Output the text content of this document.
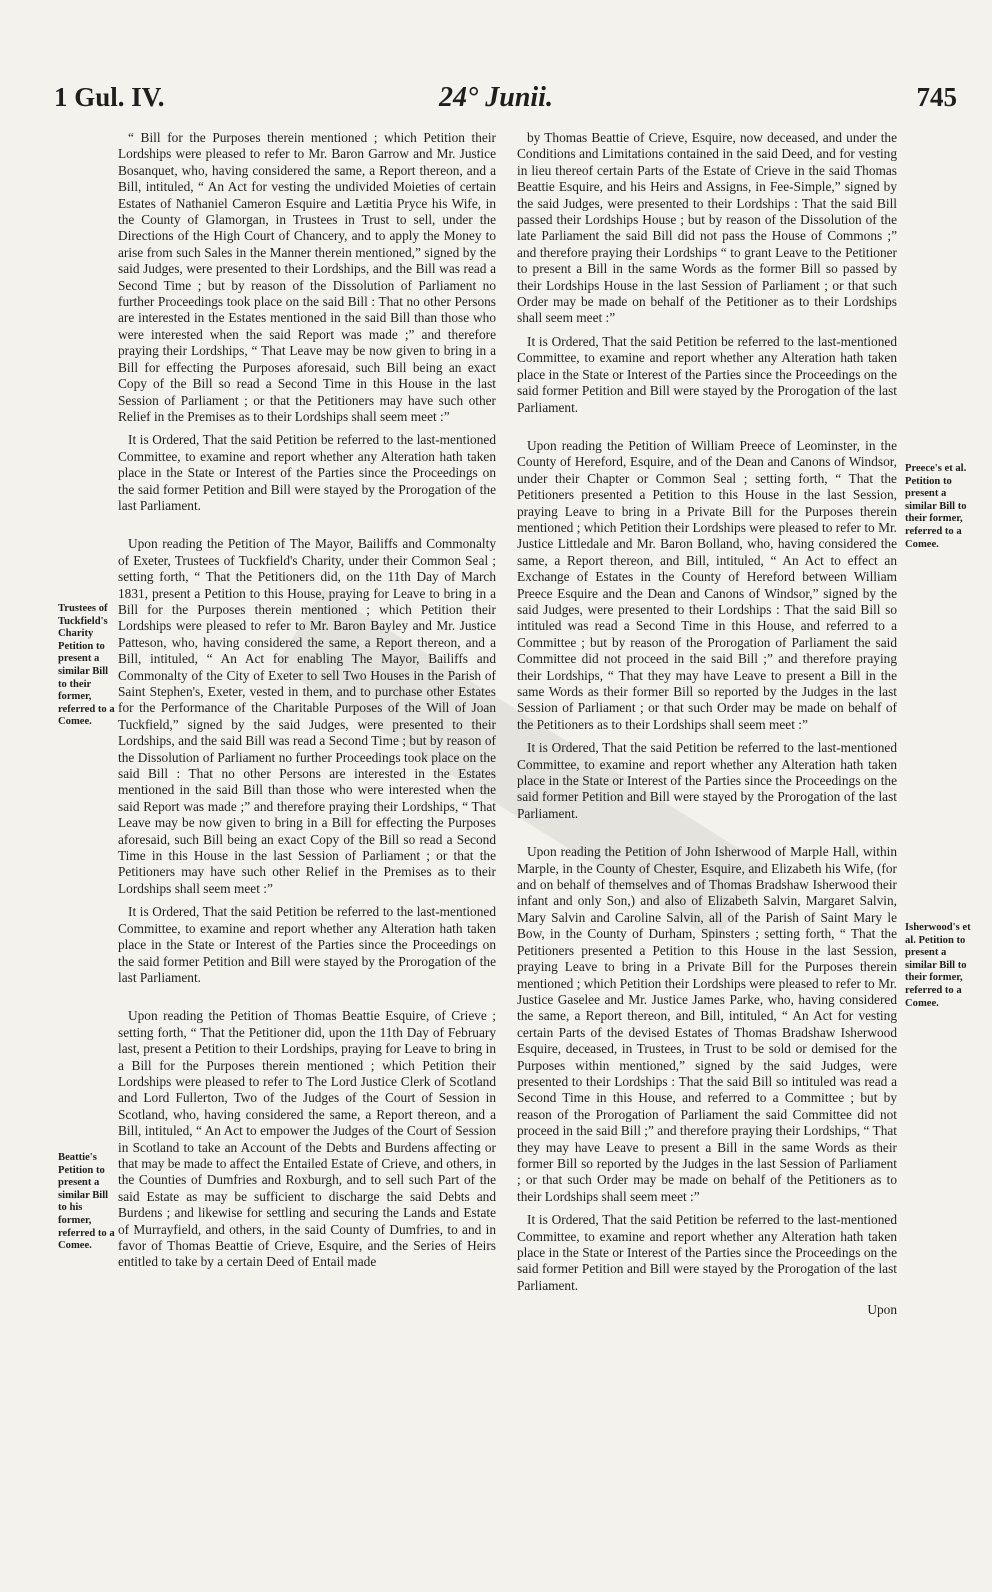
1 Gul. IV.	24° Junii.	745
Trustees of Tuckfield's Charity Petition to present a similar Bill to their former, referred to a Comee.
Beattie's Petition to present a similar Bill to his former, referred to a Comee.
Preece's et al. Petition to present a similar Bill to their former, referred to a Comee.
Isherwood's et al. Petition to present a similar Bill to their former, referred to a Comee.

“ Bill for the Purposes therein mentioned ; which Petition their Lordships were pleased to refer to Mr. Baron Garrow and Mr. Justice Bosanquet, who, having considered the same, a Report thereon, and a Bill, intituled, “ An Act for vesting the undivided Moieties of certain Estates of Nathaniel Cameron Esquire and Lætitia Pryce his Wife, in the County of Glamorgan, in Trustees in Trust to sell, under the Directions of the High Court of Chancery, and to apply the Money to arise from such Sales in the Manner therein mentioned,” signed by the said Judges, were presented to their Lordships, and the Bill was read a Second Time ; but by reason of the Dissolution of Parliament no further Proceedings took place on the said Bill : That no other Persons are interested in the Estates mentioned in the said Bill than those who were interested when the said Report was made ;” and therefore praying their Lordships, “ That Leave may be now given to bring in a Bill for effecting the Purposes aforesaid, such Bill being an exact Copy of the Bill so read a Second Time in this House in the last Session of Parliament ; or that the Petitioners may have such other Relief in the Premises as to their Lordships shall seem meet :”

It is Ordered, That the said Petition be referred to the last-mentioned Committee, to examine and report whether any Alteration hath taken place in the State or Interest of the Parties since the Proceedings on the said former Petition and Bill were stayed by the Prorogation of the last Parliament.

Upon reading the Petition of The Mayor, Bailiffs and Commonalty of Exeter, Trustees of Tuckfield's Charity, under their Common Seal ; setting forth, “ That the Petitioners did, on the 11th Day of March 1831, present a Petition to this House, praying for Leave to bring in a Bill for the Purposes therein mentioned ; which Petition their Lordships were pleased to refer to Mr. Baron Bayley and Mr. Justice Patteson, who, having considered the same, a Report thereon, and a Bill, intituled, “ An Act for enabling The Mayor, Bailiffs and Commonalty of the City of Exeter to sell Two Houses in the Parish of Saint Stephen's, Exeter, vested in them, and to purchase other Estates for the Performance of the Charitable Purposes of the Will of Joan Tuckfield,” signed by the said Judges, were presented to their Lordships, and the said Bill was read a Second Time ; but by reason of the Dissolution of Parliament no further Proceedings took place on the said Bill : That no other Persons are interested in the Estates mentioned in the said Bill than those who were interested when the said Report was made ;” and therefore praying their Lordships, “ That Leave may be now given to bring in a Bill for effecting the Purposes aforesaid, such Bill being an exact Copy of the Bill so read a Second Time in this House in the last Session of Parliament ; or that the Petitioners may have such other Relief in the Premises as to their Lordships shall seem meet :”

It is Ordered, That the said Petition be referred to the last-mentioned Committee, to examine and report whether any Alteration hath taken place in the State or Interest of the Parties since the Proceedings on the said former Petition and Bill were stayed by the Prorogation of the last Parliament.

Upon reading the Petition of Thomas Beattie Esquire, of Crieve ; setting forth, “ That the Petitioner did, upon the 11th Day of February last, present a Petition to their Lordships, praying for Leave to bring in a Bill for the Purposes therein mentioned ; which Petition their Lordships were pleased to refer to The Lord Justice Clerk of Scotland and Lord Fullerton, Two of the Judges of the Court of Session in Scotland, who, having considered the same, a Report thereon, and a Bill, intituled, “ An Act to empower the Judges of the Court of Session in Scotland to take an Account of the Debts and Burdens affecting or that may be made to affect the Entailed Estate of Crieve, and others, in the Counties of Dumfries and Roxburgh, and to sell such Part of the said Estate as may be sufficient to discharge the said Debts and Burdens ; and likewise for settling and securing the Lands and Estate of Murrayfield, and others, in the said County of Dumfries, to and in favor of Thomas Beattie of Crieve, Esquire, and the Series of Heirs entitled to take by a certain Deed of Entail made

by Thomas Beattie of Crieve, Esquire, now deceased, and under the Conditions and Limitations contained in the said Deed, and for vesting in lieu thereof certain Parts of the Estate of Crieve in the said Thomas Beattie Esquire, and his Heirs and Assigns, in Fee-Simple,” signed by the said Judges, were presented to their Lordships : That the said Bill passed their Lordships House ; but by reason of the Dissolution of the late Parliament the said Bill did not pass the House of Commons ;” and therefore praying their Lordships “ to grant Leave to the Petitioner to present a Bill in the same Words as the former Bill so passed by their Lordships House in the last Session of Parliament ; or that such Order may be made on behalf of the Petitioner as to their Lordships shall seem meet :”

It is Ordered, That the said Petition be referred to the last-mentioned Committee, to examine and report whether any Alteration hath taken place in the State or Interest of the Parties since the Proceedings on the said former Petition and Bill were stayed by the Prorogation of the last Parliament.

Upon reading the Petition of William Preece of Leominster, in the County of Hereford, Esquire, and of the Dean and Canons of Windsor, under their Chapter or Common Seal ; setting forth, “ That the Petitioners presented a Petition to this House in the last Session, praying Leave to bring in a Private Bill for the Purposes therein mentioned ; which Petition their Lordships were pleased to refer to Mr. Justice Littledale and Mr. Baron Bolland, who, having considered the same, a Report thereon, and Bill, intituled, “ An Act to effect an Exchange of Estates in the County of Hereford between William Preece Esquire and the Dean and Canons of Windsor,” signed by the said Judges, were presented to their Lordships : That the said Bill so intituled was read a Second Time in this House, and referred to a Committee ; but by reason of the Prorogation of Parliament the said Committee did not proceed in the said Bill ;” and therefore praying their Lordships, “ That they may have Leave to present a Bill in the same Words as their former Bill so reported by the Judges in the last Session of Parliament ; or that such Order may be made on behalf of the Petitioners as to their Lordships shall seem meet :”

It is Ordered, That the said Petition be referred to the last-mentioned Committee, to examine and report whether any Alteration hath taken place in the State or Interest of the Parties since the Proceedings on the said former Petition and Bill were stayed by the Prorogation of the last Parliament.

Upon reading the Petition of John Isherwood of Marple Hall, within Marple, in the County of Chester, Esquire, and Elizabeth his Wife, (for and on behalf of themselves and of Thomas Bradshaw Isherwood their infant and only Son,) and also of Elizabeth Salvin, Margaret Salvin, Mary Salvin and Caroline Salvin, all of the Parish of Saint Mary le Bow, in the County of Durham, Spinsters ; setting forth, “ That the Petitioners presented a Petition to this House in the last Session, praying Leave to bring in a Private Bill for the Purposes therein mentioned ; which Petition their Lordships were pleased to refer to Mr. Justice Gaselee and Mr. Justice James Parke, who, having considered the same, a Report thereon, and Bill, intituled, “ An Act for vesting certain Parts of the devised Estates of Thomas Bradshaw Isherwood Esquire, deceased, in Trustees, in Trust to be sold or demised for the Purposes within mentioned,” signed by the said Judges, were presented to their Lordships : That the said Bill so intituled was read a Second Time in this House, and referred to a Committee ; but by reason of the Prorogation of Parliament the said Committee did not proceed in the said Bill ;” and therefore praying their Lordships, “ That they may have Leave to present a Bill in the same Words as their former Bill so reported by the Judges in the last Session of Parliament ; or that such Order may be made on behalf of the Petitioners as to their Lordships shall seem meet :”

It is Ordered, That the said Petition be referred to the last-mentioned Committee, to examine and report whether any Alteration hath taken place in the State or Interest of the Parties since the Proceedings on the said former Petition and Bill were stayed by the Prorogation of the last Parliament.

Upon
